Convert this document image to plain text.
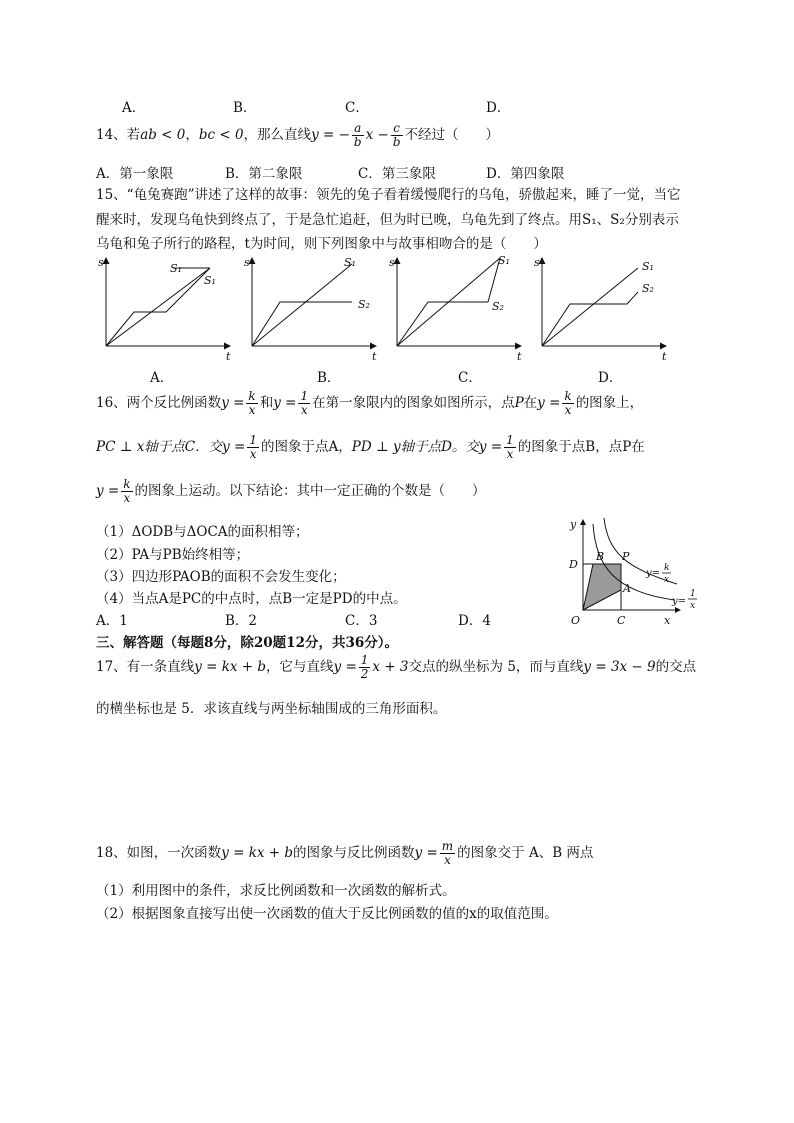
A．	B．	C．	D．
14、若ab < 0，bc < 0，那么直线y = − $\frac{a}{b}$ $x - \frac{c}{b}$ 不经过（　　）
A．第一象限	B．第二象限	C．第三象限	D．第四象限
15、“龟兔赛跑”讲述了这样的故事：领先的兔子看着缓慢爬行的乌龟，骄傲起来，睡了一觉，当它
醒来时，发现乌龟快到终点了，于是急忙追赶，但为时已晚，乌龟先到了终点。用S₁、S₂分别表示
乌龟和兔子所行的路程，t为时间，则下列图象中与故事相吻合的是（　　）
s
t
S₁
S₁
s
t
S₁
S₂
s
t
S₁
S₂
s
t
S₁
S₂
A．	B．	C．	D．
16、两个反比例函数$y = \frac{k}{x}$ 和$y = \frac{1}{x}$ 在第一象限内的图象如图所示，点P在$y = \frac{k}{x}$ 的图象上，
PC ⊥ x轴于点C．交$y = \frac{1}{x}$ 的图象于点A，PD ⊥ y轴于点D。交$y = \frac{1}{x}$ 的图象于点B，点P在
$y = \frac{k}{x}$ 的图象上运动。以下结论：其中一定正确的个数是（　　）
（1）ΔODB与ΔOCA的面积相等；
（2）PA与PB始终相等；
（3）四边形PAOB的面积不会发生变化；
（4）当点A是PC的中点时，点B一定是PD的中点。
A．1	B．2	C．3	D．4
y
x
D
B P
A
O	C
y= k
x
y=
1
x
三、解答题（每题8分，除20题12分，共36分）。
17、有一条直线y = kx + b，它与直线$y = \frac{1}{2}$ x + 3交点的纵坐标为 5，而与直线y = 3x − 9的交点
的横坐标也是 5．求该直线与两坐标轴围成的三角形面积。
18、如图，一次函数y = kx + b的图象与反比例函数$y = \frac{m}{x}$ 的图象交于 A、B 两点
（1）利用图中的条件，求反比例函数和一次函数的解析式。
（2）根据图象直接写出使一次函数的值大于反比例函数的值的x的取值范围。
